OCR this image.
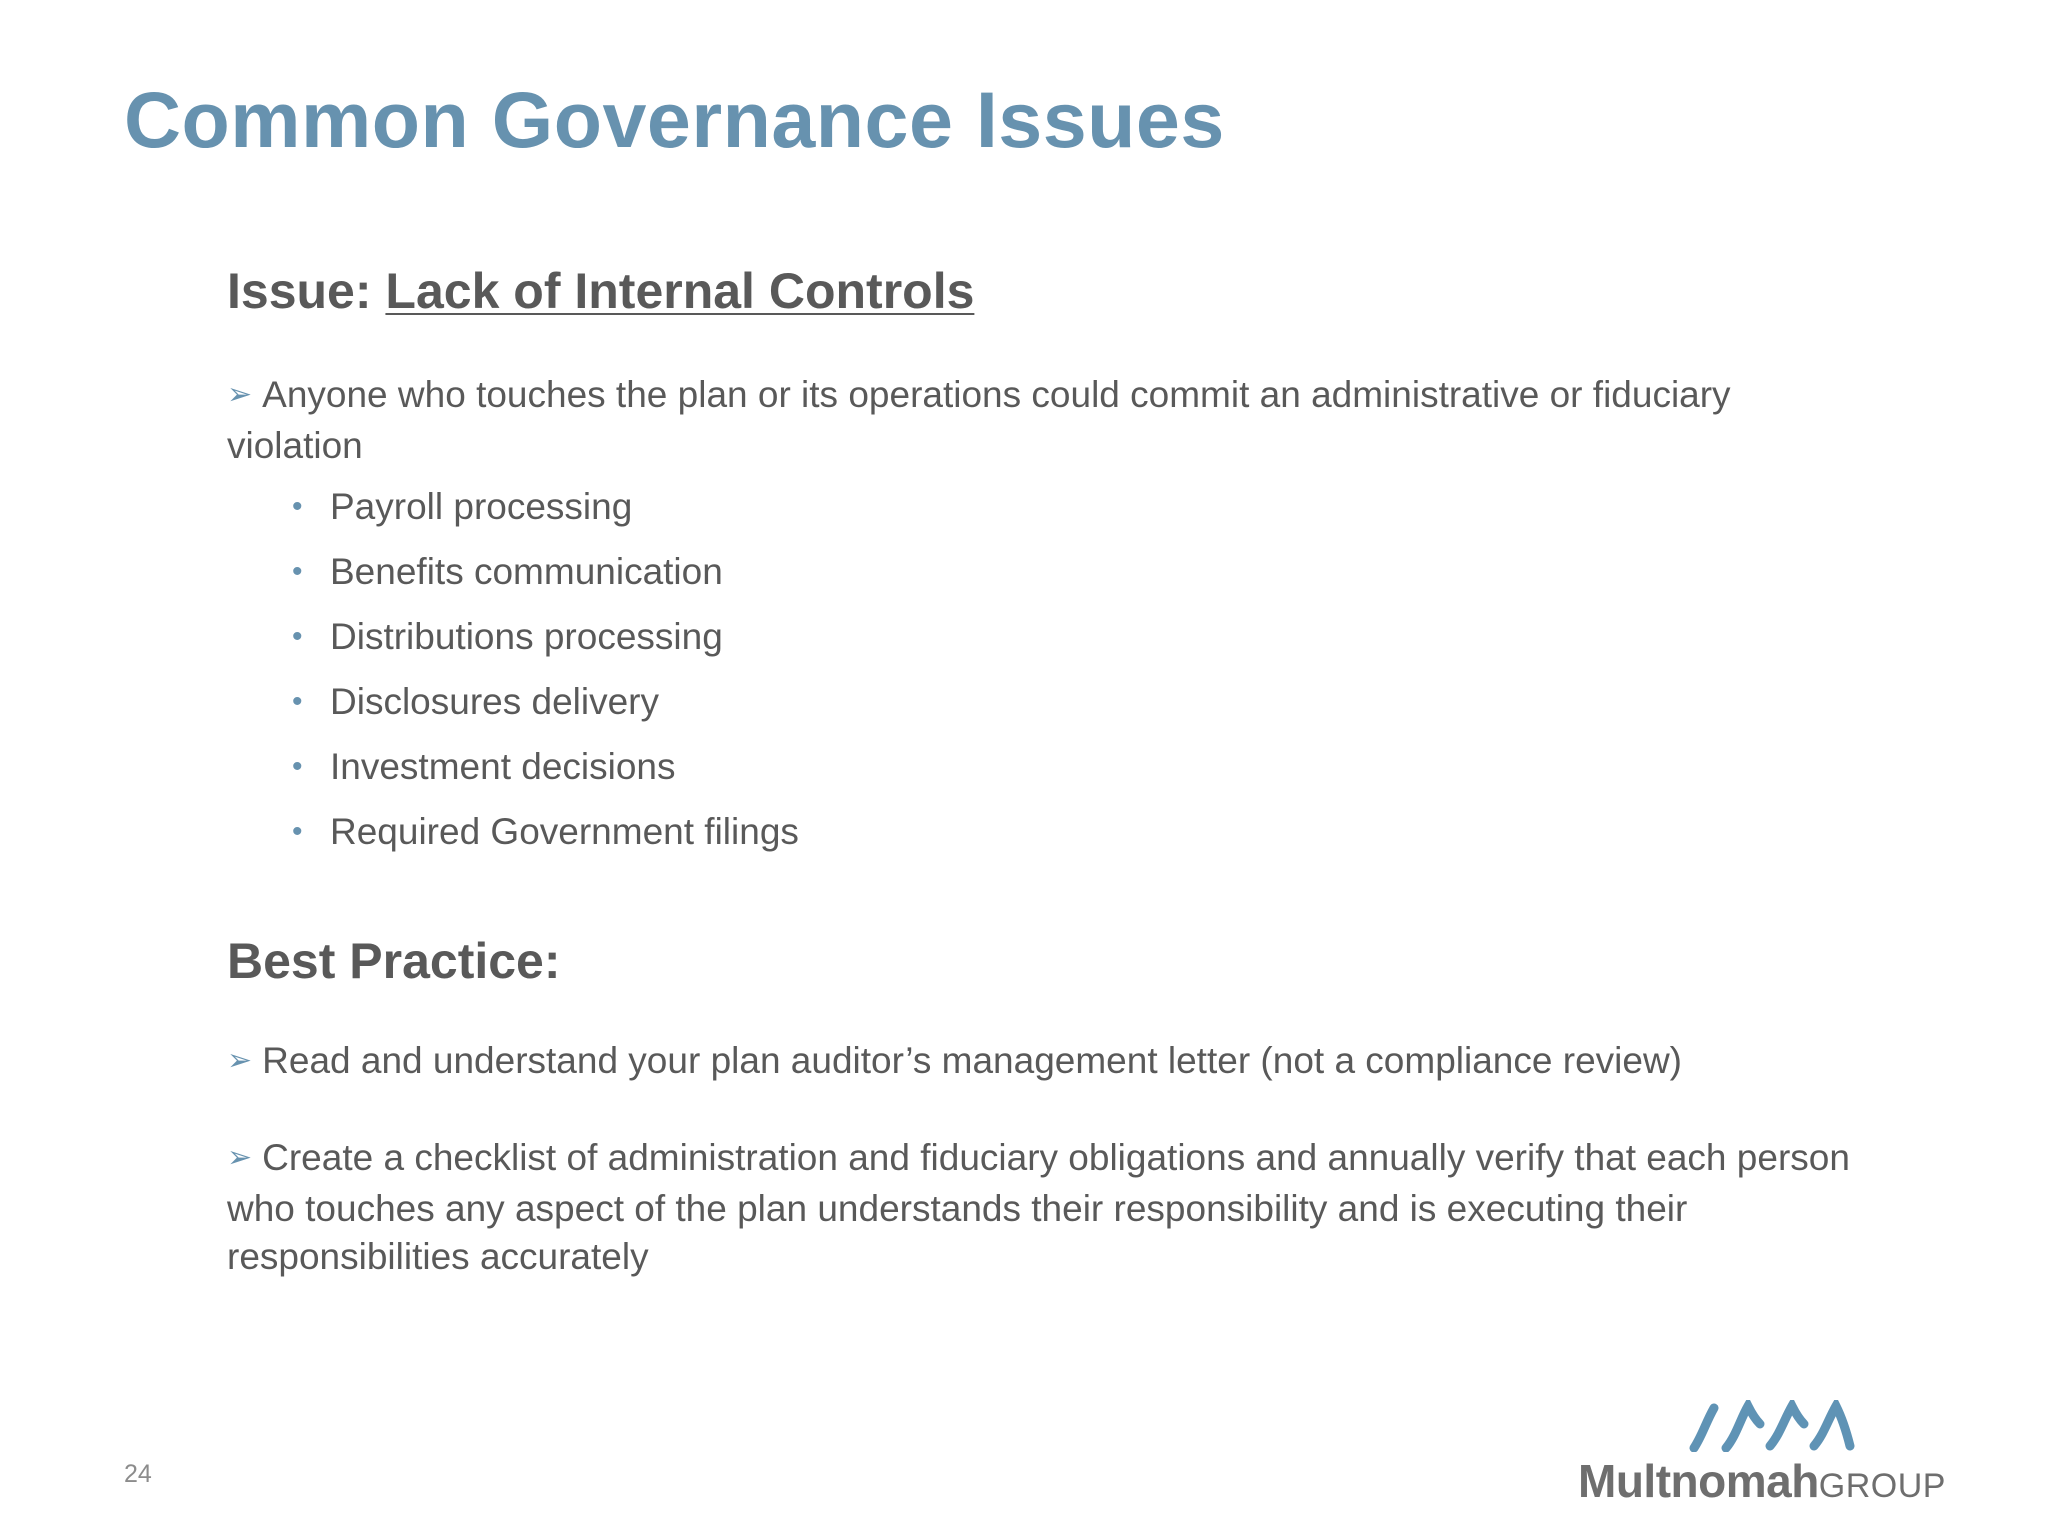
Common Governance Issues
Issue: Lack of Internal Controls

➢ Anyone who touches the plan or its operations could commit an administrative or fiduciary violation

• Payroll processing
• Benefits communication
• Distributions processing
• Disclosures delivery
• Investment decisions
• Required Government filings
Best Practice:

➢ Read and understand your plan auditor’s management letter (not a compliance review)

➢ Create a checklist of administration and fiduciary obligations and annually verify that each person who touches any aspect of the plan understands their responsibility and is executing their responsibilities accurately

24	MultnomahGROUP
